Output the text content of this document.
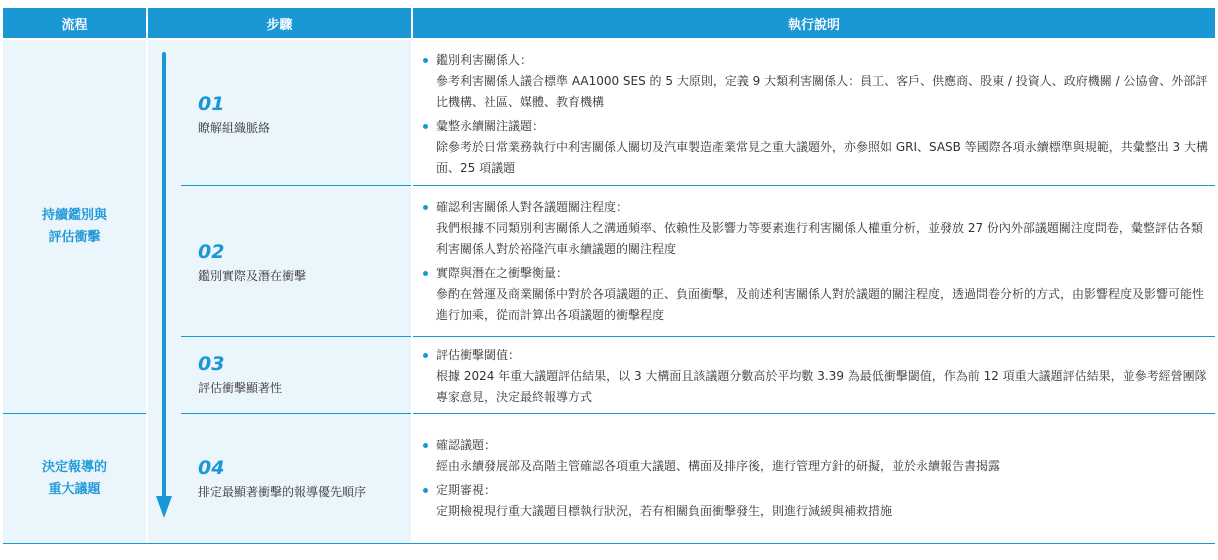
流程	步驟	執行說明
持續鑑別與
評估衝擊
決定報導的
重大議題
01
瞭解組織脈絡
02
鑑別實際及潛在衝擊
03
評估衝擊顯著性
04
排定最顯著衝擊的報導優先順序
鑑別利害關係人：
參考利害關係人議合標準 AA1000 SES 的 5 大原則，定義 9 大類利害關係人：員工、客戶、供應商、股東 / 投資人、政府機關 / 公協會、外部評比機構、社區、媒體、教育機構
彙整永續關注議題：
除參考於日常業務執行中利害關係人關切及汽車製造產業常見之重大議題外，亦參照如 GRI、SASB 等國際各項永續標準與規範，共彙整出 3 大構面、25 項議題
確認利害關係人對各議題關注程度：
我們根據不同類別利害關係人之溝通頻率、依賴性及影響力等要素進行利害關係人權重分析，並發放 27 份內外部議題關注度問卷，彙整評估各類利害關係人對於裕隆汽車永續議題的關注程度
實際與潛在之衝擊衡量：
參酌在營運及商業關係中對於各項議題的正、負面衝擊，及前述利害關係人對於議題的關注程度，透過問卷分析的方式，由影響程度及影響可能性進行加乘，從而計算出各項議題的衝擊程度
評估衝擊閾值：
根據 2024 年重大議題評估結果，以 3 大構面且該議題分數高於平均數 3.39 為最低衝擊閾值，作為前 12 項重大議題評估結果，並參考經營團隊專家意見，決定最終報導方式
確認議題：
經由永續發展部及高階主管確認各項重大議題、構面及排序後，進行管理方針的研擬，並於永續報告書揭露
定期審視：
定期檢視現行重大議題目標執行狀況，若有相關負面衝擊發生，則進行減緩與補救措施
